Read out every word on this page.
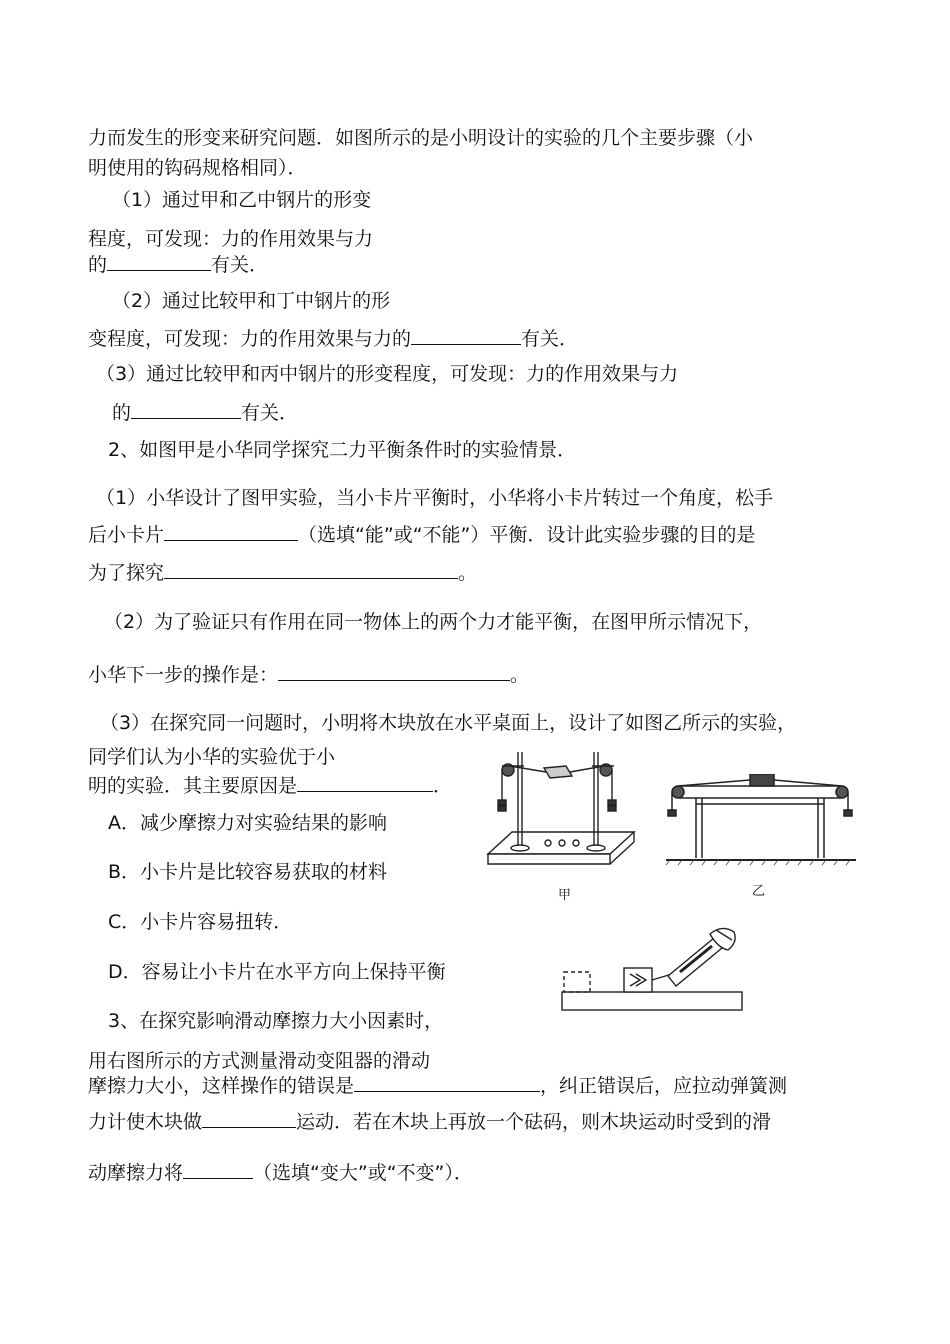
力而发生的形变来研究问题．如图所示的是小明设计的实验的几个主要步骤（小
明使用的钩码规格相同）．
（1）通过甲和乙中钢片的形变
程度，可发现：力的作用效果与力
的	有关．
（2）通过比较甲和丁中钢片的形
变程度，可发现：力的作用效果与力的	有关．
（3）通过比较甲和丙中钢片的形变程度，可发现：力的作用效果与力
的	有关．
2、如图甲是小华同学探究二力平衡条件时的实验情景．
（1）小华设计了图甲实验，当小卡片平衡时，小华将小卡片转过一个角度，松手
后小卡片	（选填“能”或“不能”）平衡．设计此实验步骤的目的是
为了探究	。
（2）为了验证只有作用在同一物体上的两个力才能平衡，在图甲所示情况下，
小华下一步的操作是：	。
（3）在探究同一问题时，小明将木块放在水平桌面上，设计了如图乙所示的实验，
同学们认为小华的实验优于小
明的实验．其主要原因是	．
A．减少摩擦力对实验结果的影响
B．小卡片是比较容易获取的材料
C．小卡片容易扭转．
D．容易让小卡片在水平方向上保持平衡
甲	乙
3、在探究影响滑动摩擦力大小因素时，
用右图所示的方式测量滑动变阻器的滑动
摩擦力大小，这样操作的错误是	，纠正错误后，应拉动弹簧测
力计使木块做	运动．若在木块上再放一个砝码，则木块运动时受到的滑
动摩擦力将	（选填“变大”或“不变”）．
